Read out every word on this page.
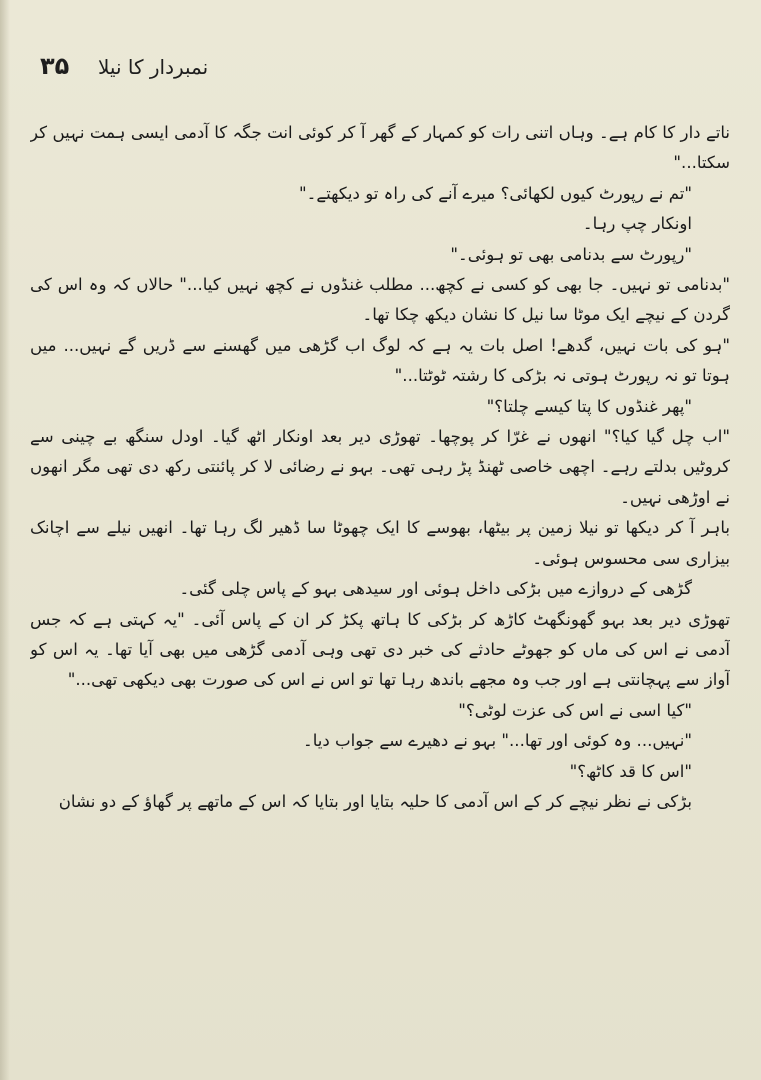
۳۵ نمبردار کا نیلا

ناتے دار کا کام ہے۔ وہاں اتنی رات کو کمہار کے گھر آ کر کوئی انت جگہ کا آدمی ایسی ہمت نہیں کر سکتا..."

"تم نے رپورٹ کیوں لکھائی؟ میرے آنے کی راہ تو دیکھتے۔"

اونکار چپ رہا۔

"رپورٹ سے بدنامی بھی تو ہوئی۔"

"بدنامی تو نہیں۔ جا بھی کو کسی نے کچھ... مطلب غنڈوں نے کچھ نہیں کیا..." حالاں کہ وہ اس کی گردن کے نیچے ایک موٹا سا نیل کا نشان دیکھ چکا تھا۔

"ہو کی بات نہیں، گدھے! اصل بات یہ ہے کہ لوگ اب گڑھی میں گھسنے سے ڈریں گے نہیں... میں ہوتا تو نہ رپورٹ ہوتی نہ بڑکی کا رشتہ ٹوٹتا..."

"پھر غنڈوں کا پتا کیسے چلتا؟"

"اب چل گیا کیا؟" انھوں نے غرّا کر پوچھا۔ تھوڑی دیر بعد اونکار اٹھ گیا۔ اودل سنگھ بے چینی سے کروٹیں بدلتے رہے۔ اچھی خاصی ٹھنڈ پڑ رہی تھی۔ بہو نے رضائی لا کر پائنتی رکھ دی تھی مگر انھوں نے اوڑھی نہیں۔

باہر آ کر دیکھا تو نیلا زمین پر بیٹھا، بھوسے کا ایک چھوٹا سا ڈھیر لگ رہا تھا۔ انھیں نیلے سے اچانک بیزاری سی محسوس ہوئی۔

گڑھی کے دروازے میں بڑکی داخل ہوئی اور سیدھی بہو کے پاس چلی گئی۔

تھوڑی دیر بعد بہو گھونگھٹ کاڑھ کر بڑکی کا ہاتھ پکڑ کر ان کے پاس آئی۔ "یہ کہتی ہے کہ جس آدمی نے اس کی ماں کو جھوٹے حادثے کی خبر دی تھی وہی آدمی گڑھی میں بھی آیا تھا۔ یہ اس کو آواز سے پہچانتی ہے اور جب وہ مجھے باندھ رہا تھا تو اس نے اس کی صورت بھی دیکھی تھی..."

"کیا اسی نے اس کی عزت لوٹی؟"

"نہیں... وہ کوئی اور تھا..." بہو نے دھیرے سے جواب دیا۔

"اس کا قد کاٹھ؟"

بڑکی نے نظر نیچے کر کے اس آدمی کا حلیہ بتایا اور بتایا کہ اس کے ماتھے پر گھاؤ کے دو نشان
